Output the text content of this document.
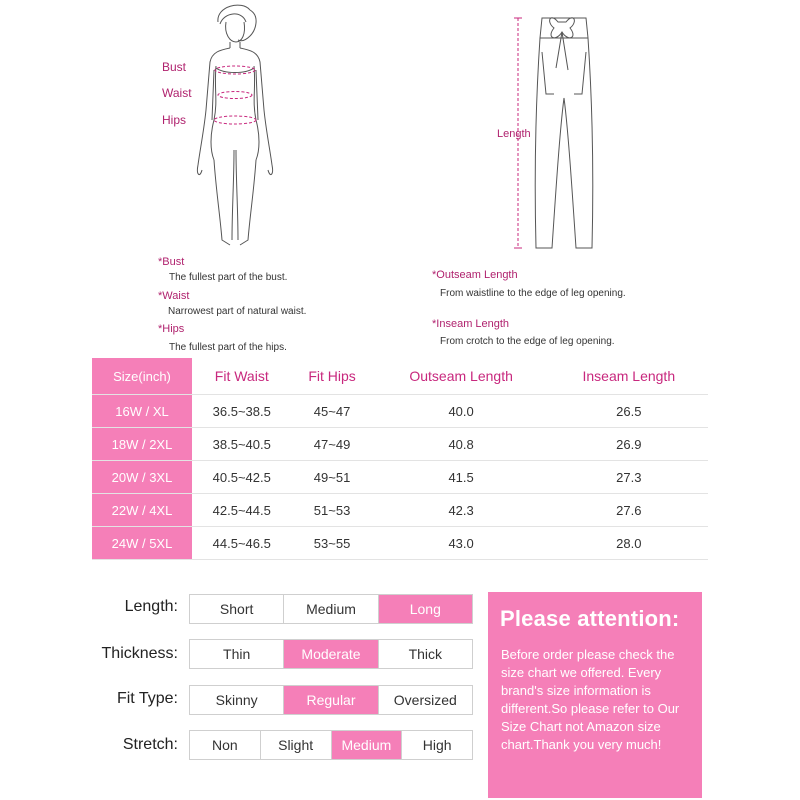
Bust
Waist
Hips
Length
*Bust
The fullest part of the bust.
*Waist
Narrowest part of natural waist.
*Hips
The fullest part of the hips.
*Outseam Length
From waistline to the edge of leg opening.
*Inseam Length
From crotch to the edge of leg opening.
Size(inch)	Fit Waist	Fit Hips	Outseam Length	Inseam Length
16W / XL	36.5~38.5	45~47	40.0	26.5
18W / 2XL	38.5~40.5	47~49	40.8	26.9
20W / 3XL	40.5~42.5	49~51	41.5	27.3
22W / 4XL	42.5~44.5	51~53	42.3	27.6
24W / 5XL	44.5~46.5	53~55	43.0	28.0
Length:	Short	Medium	Long
Thickness:	Thin	Moderate	Thick
Fit Type:	Skinny	Regular	Oversized
Stretch:	Non	Slight	Medium	High
Please attention:
Before order please check the size chart we offered. Every brand's size information is different.So please refer to Our Size Chart not Amazon size chart.Thank you very much!
